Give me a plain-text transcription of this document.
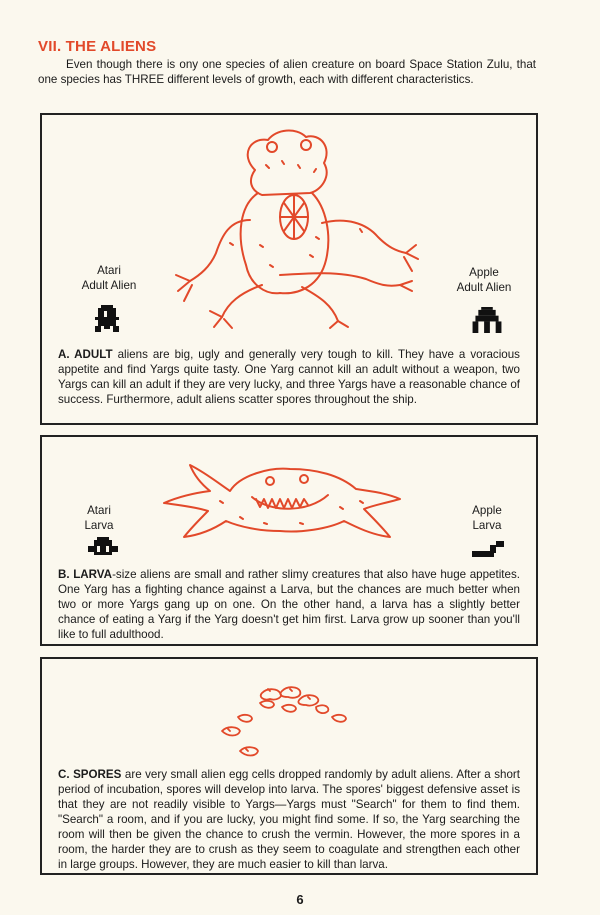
VII. THE ALIENS
Even though there is ony one species of alien creature on board Space Station Zulu, that one species has THREE different levels of growth, each with different characteristics.
Atari
Adult Alien
Apple
Adult Alien
A. ADULT aliens are big, ugly and generally very tough to kill. They have a voracious appetite and find Yargs quite tasty. One Yarg cannot kill an adult without a weapon, two Yargs can kill an adult if they are very lucky, and three Yargs have a reasonable chance of success. Furthermore, adult aliens scatter spores throughout the ship.
Atari
Larva
Apple
Larva
B. LARVA-size aliens are small and rather slimy creatures that also have huge appetites. One Yarg has a fighting chance against a Larva, but the chances are much better when two or more Yargs gang up on one. On the other hand, a larva has a slightly better chance of eating a Yarg if the Yarg doesn't get him first. Larva grow up sooner than you'll like to full adulthood.
C. SPORES are very small alien egg cells dropped randomly by adult aliens. After a short period of incubation, spores will develop into larva. The spores' biggest defensive asset is that they are not readily visible to Yargs—Yargs must "Search" for them to find them. "Search" a room, and if you are lucky, you might find some. If so, the Yarg searching the room will then be given the chance to crush the vermin. However, the more spores in a room, the harder they are to crush as they seem to coagulate and strengthen each other in large groups. However, they are much easier to kill than larva.
6
